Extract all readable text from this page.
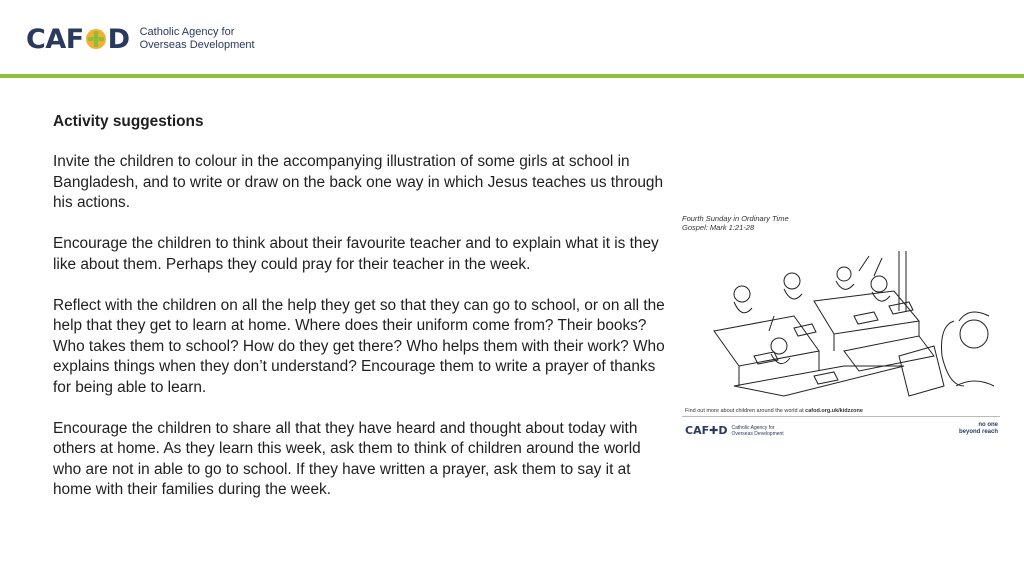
CAF D Catholic Agency for
Overseas Development
Activity suggestions

Invite the children to colour in the accompanying illustration of some girls at school in Bangladesh, and to write or draw on the back one way in which Jesus teaches us through his actions.

Encourage the children to think about their favourite teacher and to explain what it is they like about them. Perhaps they could pray for their teacher in the week.

Reflect with the children on all the help they get so that they can go to school, or on all the help that they get to learn at home. Where does their uniform come from? Their books? Who takes them to school? How do they get there? Who helps them with their work? Who explains things when they don’t understand? Encourage them to write a prayer of thanks for being able to learn.

Encourage the children to share all that they have heard and thought about today with others at home. As they learn this week, ask them to think of children around the world who are not in able to go to school. If they have written a prayer, ask them to say it at home with their families during the week.

Fourth Sunday in Ordinary Time
Gospel: Mark 1:21-28
Find out more about children around the world at cafod.org.uk/kidzzone
CAF✚D Catholic Agency for
Overseas Development
no one
beyond reach
